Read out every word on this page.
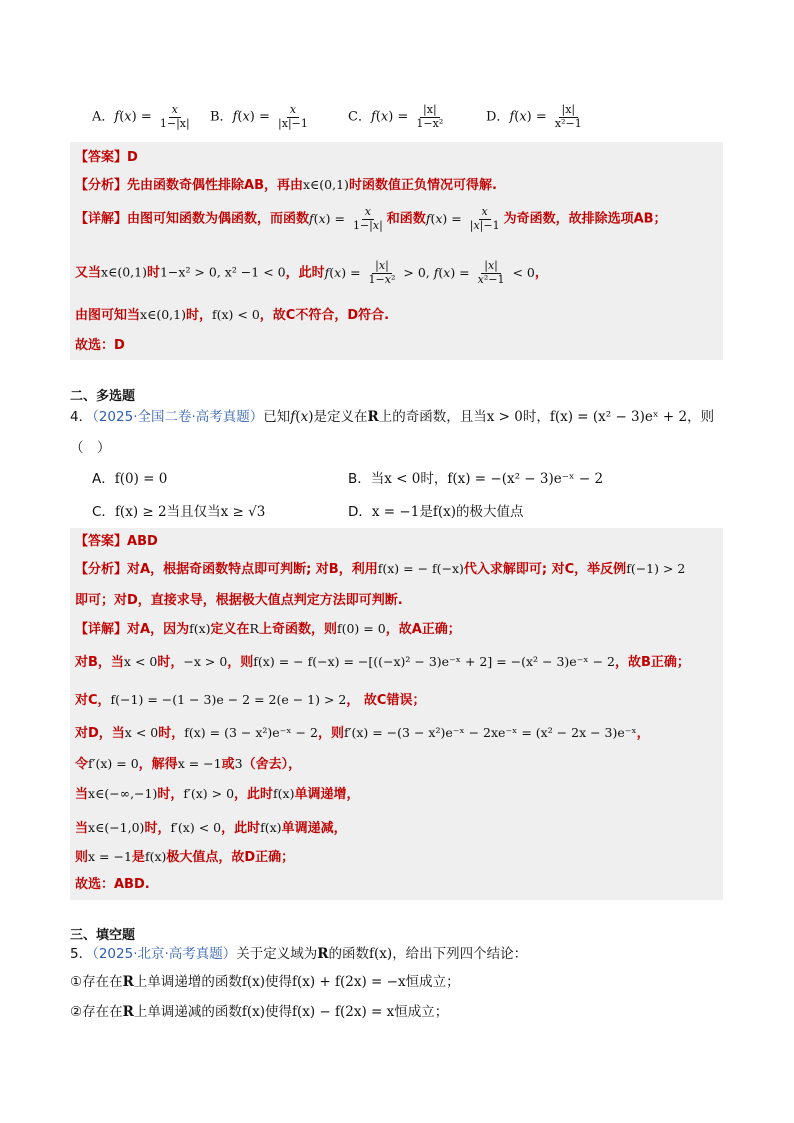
A．$f(x) = \frac{x}{1-|x|}$ B．$f(x) = \frac{x}{|x|-1}$	C．$f(x) = \frac{|x|}{\text{1−x²}}$	D．$f(x) = \frac{|x|}{\text{x²−1}}$
【答案】D
【分析】先由函数奇偶性排除AB，再由x∈(0,1)时函数值正负情况可得解.
【详解】由图可知函数为偶函数，而函数$f(x) = \frac{x}{1-|x|}$ 和函数$f(x) = \frac{x}{|x|-1}$ 为奇函数，故排除选项AB；
又当x∈(0,1)时1−x² > 0, x² −1 < 0，此时$f(x) = \frac{|x|}{\text{1−x²}} > 0$, $f(x) = \frac{|x|}{\text{x²−1}} < 0$，
由图可知当x∈(0,1)时，f(x) < 0，故C不符合，D符合.
故选：D
二、多选题
4．（2025·全国二卷·高考真题）已知f(x)是定义在R上的奇函数，且当x > 0时，f(x) = (x² − 3)eˣ + 2，则
（　）
A．f(0) = 0	B．当x < 0时，f(x) = −(x² − 3)e⁻ˣ − 2
C．f(x) ≥ 2当且仅当x ≥ √3	D．x = −1是f(x)的极大值点
【答案】ABD
【分析】对A，根据奇函数特点即可判断; 对B，利用f(x) = − f(−x)代入求解即可; 对C，举反例f(−1) > 2
即可；对D，直接求导，根据极大值点判定方法即可判断.
【详解】对A，因为f(x)定义在R上奇函数，则f(0) = 0，故A正确；
对B，当x < 0时，−x > 0，则f(x) = − f(−x) = −[((−x)² − 3)e⁻ˣ + 2] = −(x² − 3)e⁻ˣ − 2，故B正确；
对C，f(−1) = −(1 − 3)e − 2 = 2(e − 1) > 2， 故C错误；
对D，当x < 0时，f(x) = (3 − x²)e⁻ˣ − 2，则f′(x) = −(3 − x²)e⁻ˣ − 2xe⁻ˣ = (x² − 2x − 3)e⁻ˣ，
令f′(x) = 0，解得x = −1或3（舍去），
当x∈(−∞,−1)时，f′(x) > 0，此时f(x)单调递增，
当x∈(−1,0)时，f′(x) < 0，此时f(x)单调递减，
则x = −1是f(x)极大值点，故D正确；
故选：ABD.
三、填空题
5．（2025·北京·高考真题）关于定义域为R的函数f(x)，给出下列四个结论：
①存在在R上单调递增的函数f(x)使得f(x) + f(2x) = −x恒成立；
②存在在R上单调递减的函数f(x)使得f(x) − f(2x) = x恒成立；
